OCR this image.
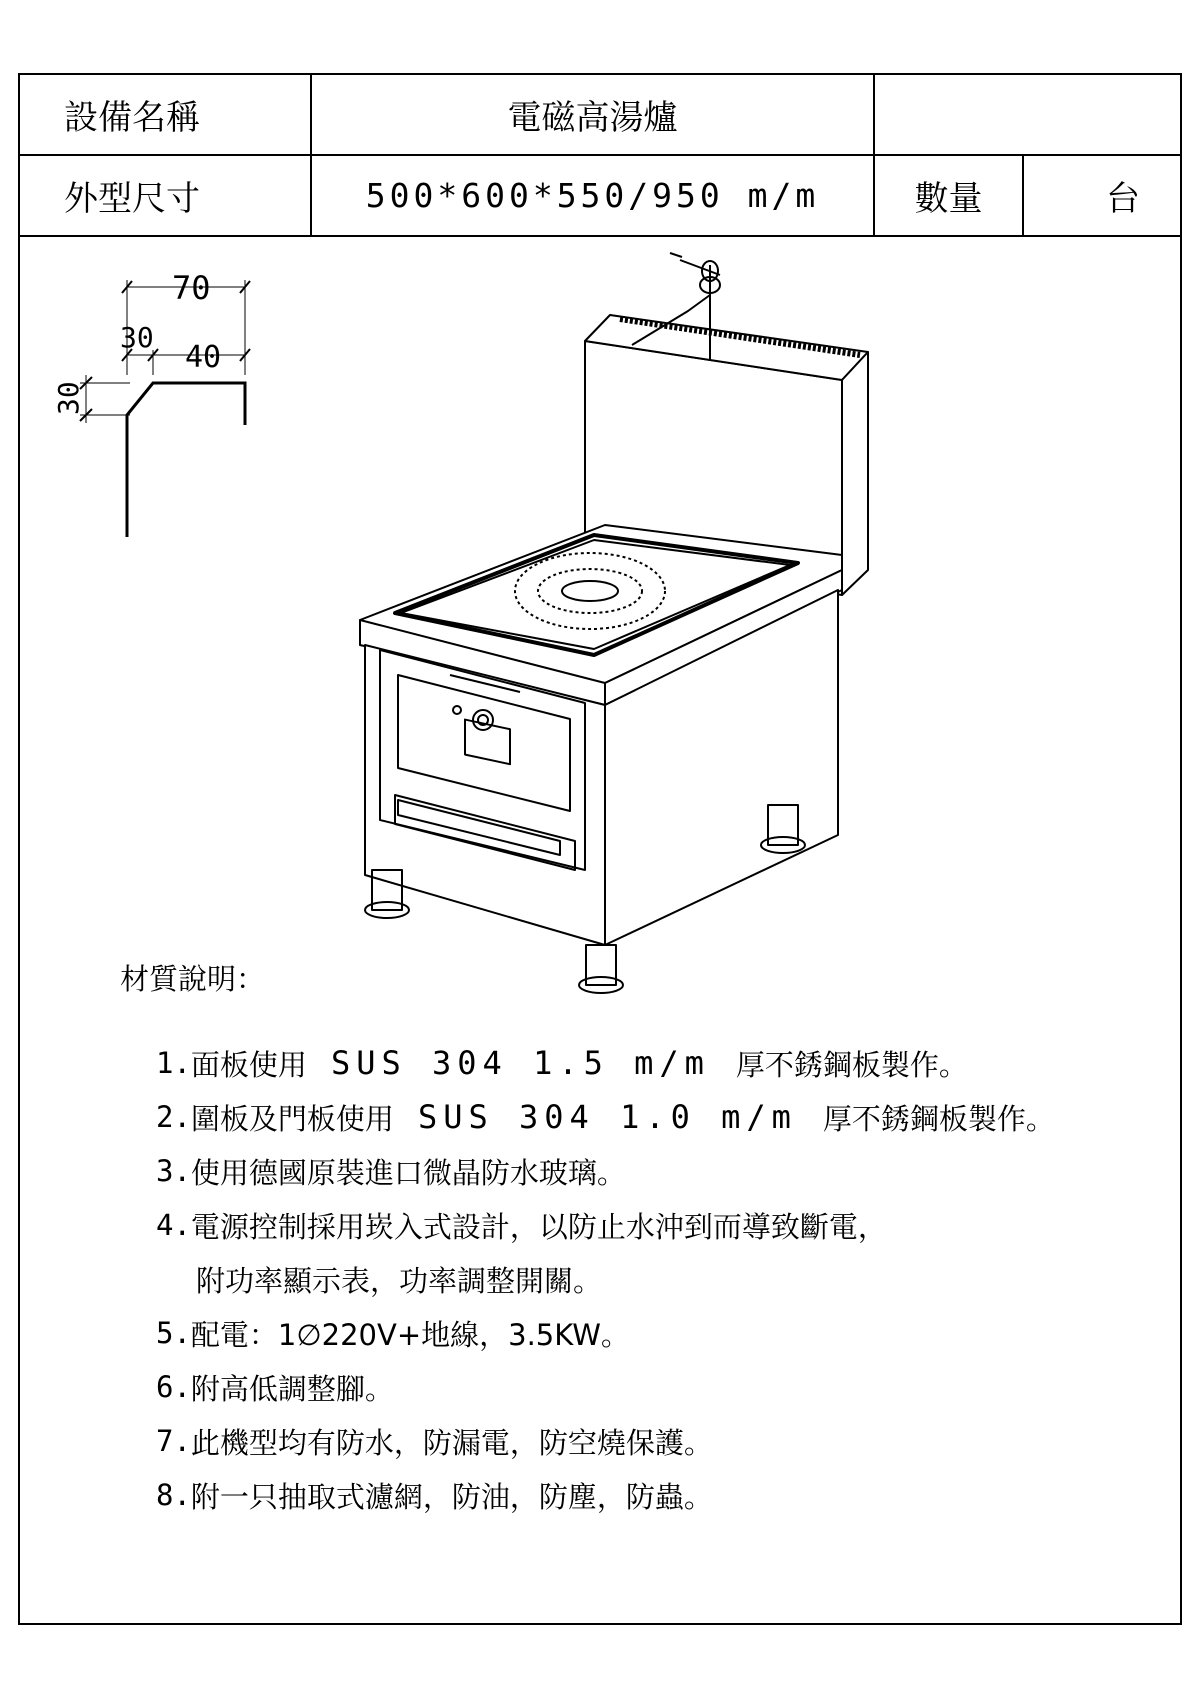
設備名稱	電磁高湯爐		
外型尺寸	500*600*550/950 m/m	數量	台
70
40
30
30
材質說明：
1. 面板使用 SUS 304 1.5 m/m 厚不銹鋼板製作。
2. 圍板及門板使用 SUS 304 1.0 m/m 厚不銹鋼板製作。
3. 使用德國原裝進口微晶防水玻璃。
4. 電源控制採用崁入式設計，以防止水沖到而導致斷電，
附功率顯示表，功率調整開關。
5. 配電：1∅220V+地線，3.5KW。
6. 附高低調整腳。
7. 此機型均有防水，防漏電，防空燒保護。
8. 附一只抽取式濾網，防油，防塵，防蟲。
